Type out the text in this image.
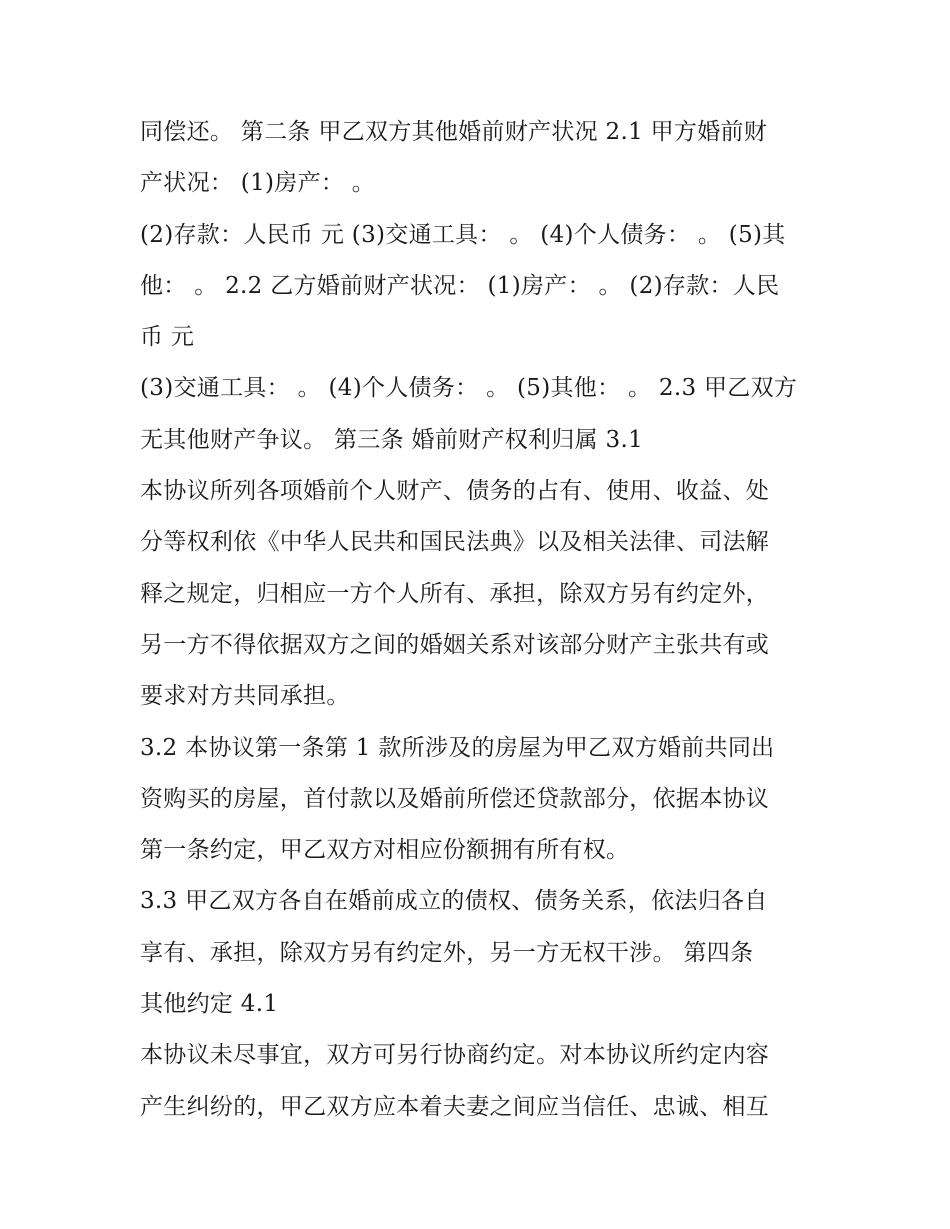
同偿还。 第二条 甲乙双方其他婚前财产状况 2.1 甲方婚前财
产状况： (1)房产： 。
(2)存款：人民币 元 (3)交通工具： 。 (4)个人债务： 。 (5)其
他： 。 2.2 乙方婚前财产状况： (1)房产： 。 (2)存款：人民
币 元
(3)交通工具： 。 (4)个人债务： 。 (5)其他： 。 2.3 甲乙双方
无其他财产争议。 第三条 婚前财产权利归属 3.1
本协议所列各项婚前个人财产、债务的占有、使用、收益、处
分等权利依《中华人民共和国民法典》以及相关法律、司法解
释之规定，归相应一方个人所有、承担，除双方另有约定外，
另一方不得依据双方之间的婚姻关系对该部分财产主张共有或
要求对方共同承担。
3.2 本协议第一条第 1 款所涉及的房屋为甲乙双方婚前共同出
资购买的房屋，首付款以及婚前所偿还贷款部分，依据本协议
第一条约定，甲乙双方对相应份额拥有所有权。
3.3 甲乙双方各自在婚前成立的债权、债务关系，依法归各自
享有、承担，除双方另有约定外，另一方无权干涉。 第四条
其他约定 4.1
本协议未尽事宜，双方可另行协商约定。对本协议所约定内容
产生纠纷的，甲乙双方应本着夫妻之间应当信任、忠诚、相互
